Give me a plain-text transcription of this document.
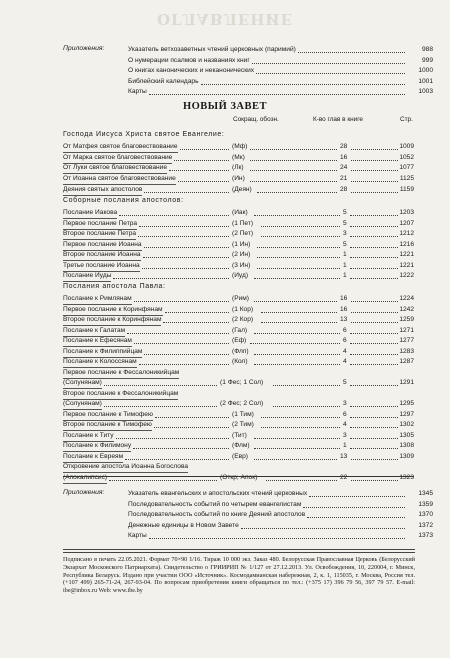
ОГЛАВЛЕНИЕ
Приложения:	Указатель ветхозаветных чтений церковных (паримий)	988
О нумерации псалмов и названиях книг	999
О книгах канонических и неканонических	1000
Библейский календарь	1001
Карты	1003
НОВЫЙ ЗАВЕТ
Сокращ. обозн.	К-во глав в книге	Стр.
Господа Иисуса Христа святое Евангелие:
От Матфея святое благовествование	(Мф)	28	1009
От Марка святое благовествование	(Мк)	16	1052
От Луки святое благовествование	(Лк)	24	1077
От Иоанна святое благовествование	(Ин)	21	1125
Деяния святых апостолов	(Деян)	28	1159
Соборные послания апостолов:
Послание Иакова	(Иак)	5	1203
Первое послание Петра	(1 Пет)	5	1207
Второе послание Петра	(2 Пет)	3	1212
Первое послание Иоанна	(1 Ин)	5	1216
Второе послание Иоанна	(2 Ин)	1	1221
Третье послание Иоанна	(3 Ин)	1	1221
Послание Иуды	(Иуд)	1	1222
Послания апостола Павла:
Послание к Римлянам	(Рим)	16	1224
Первое послание к Коринфянам	(1 Кор)	16	1242
Второе послание к Коринфянам	(2 Кор)	13	1259
Послание к Галатам	(Гал)	6	1271
Послание к Ефесянам	(Еф)	6	1277
Послание к Филиппийцам	(Флп)	4	1283
Послание к Колоссянам	(Кол)	4	1287
Первое послание к Фессалоникийцам
(Солунянам)	(1 Фес; 1 Сол)	5	1291
Второе послание к Фессалоникийцам
(Солунянам)	(2 Фес; 2 Сол)	3	1295
Первое послание к Тимофею	(1 Тим)	6	1297
Второе послание к Тимофею	(2 Тим)	4	1302
Послание к Титу	(Тит)	3	1305
Послание к Филимону	(Флм)	1	1308
Послание к Евреям	(Евр)	13	1309
Откровение апостола Иоанна Богослова
(Апокалипсис)	(Откр; Апок)	22	1323
Приложения:	Указатель евангельских и апостольских чтений церковных	1345
Последовательность событий по четырем евангелистам	1359
Последовательность событий по книге Деяний апостолов	1370
Денежные единицы в Новом Завете	1372
Карты	1373
Подписано в печать 22.05.2021. Формат 70×90 1/16. Тираж 10 000 экз. Заказ 480. Белорусская Православная Церковь (Белорусский Экзархат Московского Патриархата). Свидетельство о ГРИИРИП № 1/127 от 27.12.2013. Ул. Освобождения, 10, 220004, г. Минск, Республика Беларусь. Издано при участии ООО «Источник». Космодамианская набережная, 2, к. 1, 115035, г. Москва, Россия тел. (+107 499) 265-71-24, 267-93-04. По вопросам приобретения книги обращаться по тел.: (+375 17) 396 79 56, 397 79 57. E-mail: ibe@inbox.ru Web: www.ibe.by
